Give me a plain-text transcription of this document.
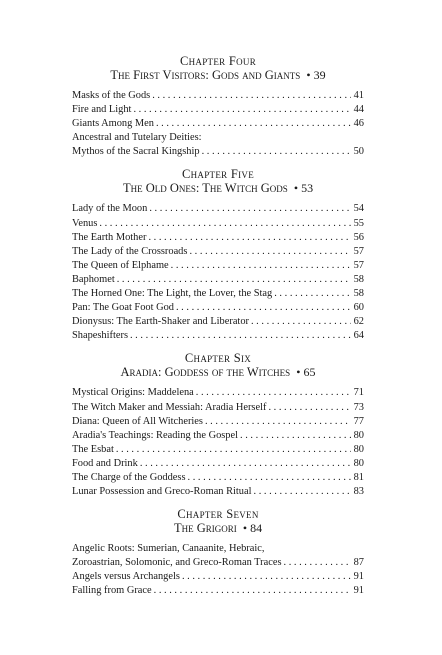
Chapter Four
The First Visitors: Gods and Giants  • 39
Masks of the Gods . . .	41
Fire and Light . . .	44
Giants Among Men . . .	46
Ancestral and Tutelary Deities:
Mythos of the Sacral Kingship . . .	50
Chapter Five
The Old Ones: The Witch Gods  • 53
Lady of the Moon . . .	54
Venus . . .	55
The Earth Mother . . .	56
The Lady of the Crossroads . . .	57
The Queen of Elphame . . .	57
Baphomet . . .	58
The Horned One: The Light, the Lover, the Stag . . .	58
Pan: The Goat Foot God . . .	60
Dionysus: The Earth-Shaker and Liberator . . .	62
Shapeshifters . . .	64
Chapter Six
Aradia: Goddess of the Witches  • 65
Mystical Origins: Maddelena . . .	71
The Witch Maker and Messiah: Aradia Herself . . .	73
Diana: Queen of All Witcheries . . .	77
Aradia's Teachings: Reading the Gospel . . .	80
The Esbat . . .	80
Food and Drink . . .	80
The Charge of the Goddess . . .	81
Lunar Possession and Greco-Roman Ritual . . .	83
Chapter Seven
The Grigori  • 84
Angelic Roots: Sumerian, Canaanite, Hebraic,
Zoroastrian, Solomonic, and Greco-Roman Traces . . .	87
Angels versus Archangels . . .	91
Falling from Grace . . .	91
